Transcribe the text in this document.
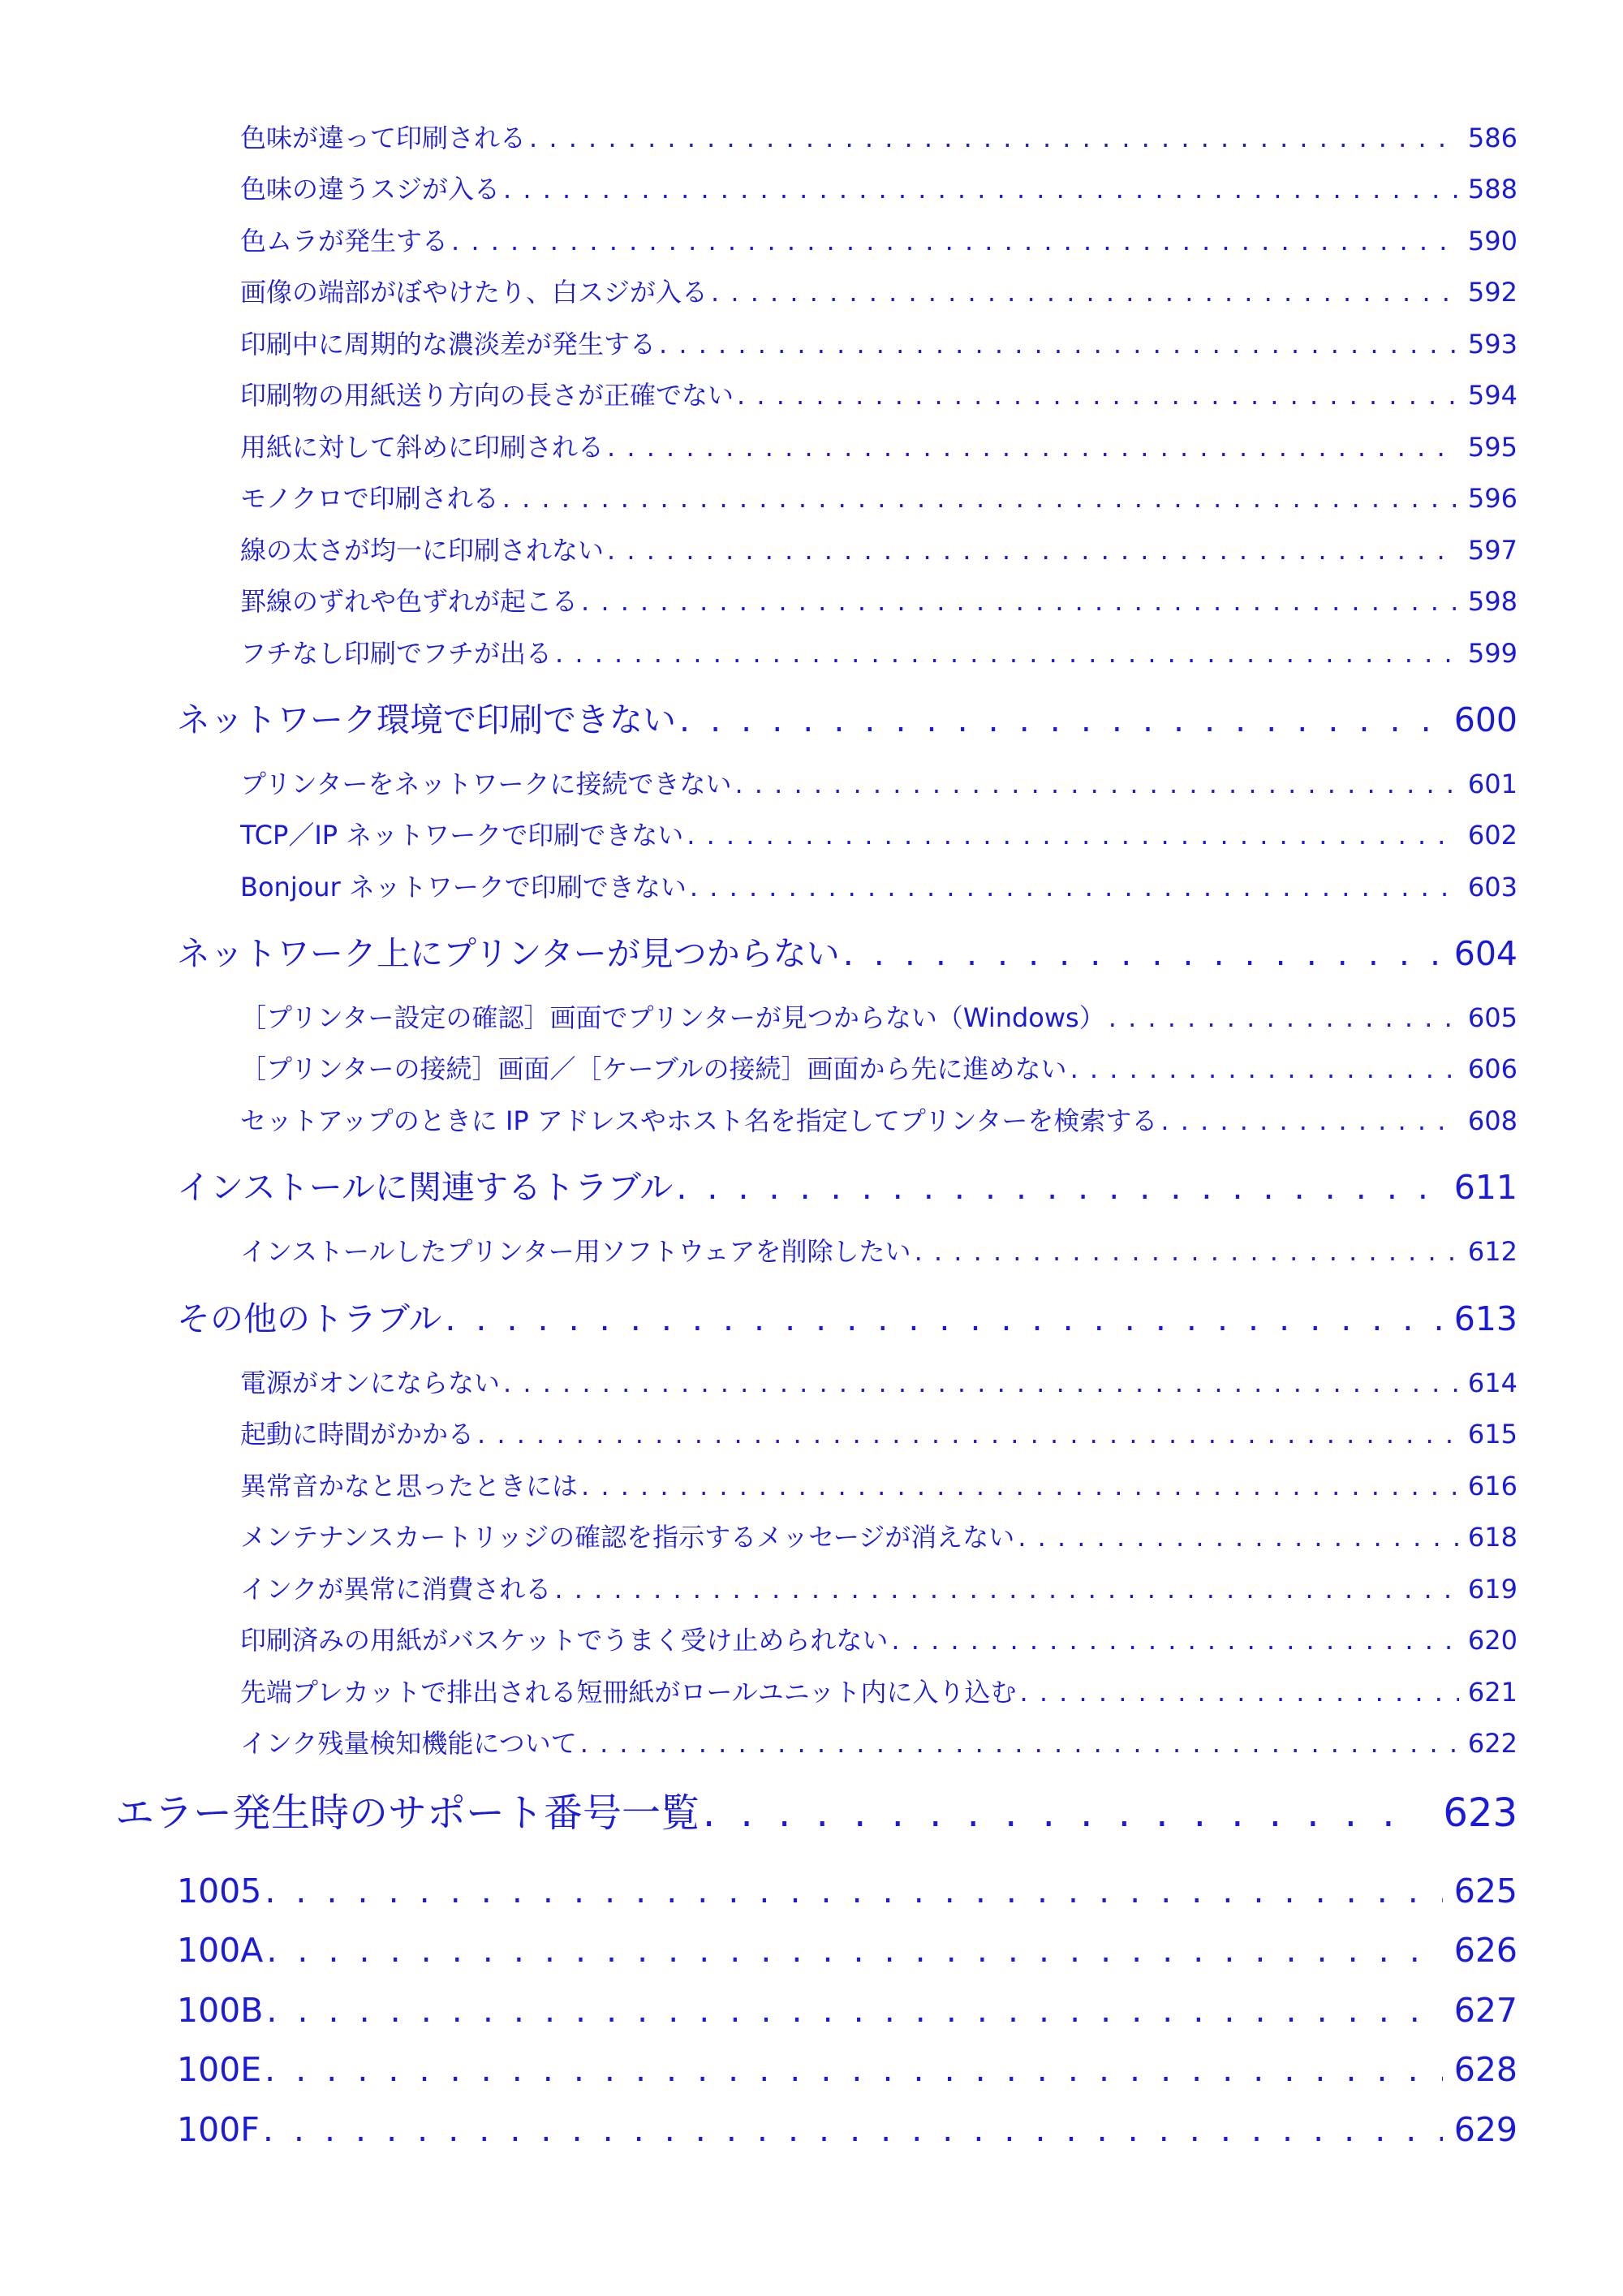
色味が違って印刷される . . .	586
色味の違うスジが入る . . .	588
色ムラが発生する . . .	590
画像の端部がぼやけたり、白スジが入る . . .	592
印刷中に周期的な濃淡差が発生する . . .	593
印刷物の用紙送り方向の長さが正確でない . . .	594
用紙に対して斜めに印刷される . . .	595
モノクロで印刷される . . .	596
線の太さが均一に印刷されない . . .	597
罫線のずれや色ずれが起こる . . .	598
フチなし印刷でフチが出る . . .	599
ネットワーク環境で印刷できない . . .	600
プリンターをネットワークに接続できない . . .	601
TCP／IP ネットワークで印刷できない . . .	602
Bonjour ネットワークで印刷できない . . .	603
ネットワーク上にプリンターが見つからない . . .	604
［プリンター設定の確認］画面でプリンターが見つからない（Windows） . . .	605
［プリンターの接続］画面／［ケーブルの接続］画面から先に進めない . . .	606
セットアップのときに IP アドレスやホスト名を指定してプリンターを検索する . . .	608
インストールに関連するトラブル . . .	611
インストールしたプリンター用ソフトウェアを削除したい . . .	612
その他のトラブル . . .	613
電源がオンにならない . . .	614
起動に時間がかかる . . .	615
異常音かなと思ったときには . . .	616
メンテナンスカートリッジの確認を指示するメッセージが消えない . . .	618
インクが異常に消費される . . .	619
印刷済みの用紙がバスケットでうまく受け止められない . . .	620
先端プレカットで排出される短冊紙がロールユニット内に入り込む . . .	621
インク残量検知機能について . . .	622
エラー発生時のサポート番号一覧 . . .	623
1005 . . .	625
100A . . .	626
100B . . .	627
100E . . .	628
100F . . .	629
